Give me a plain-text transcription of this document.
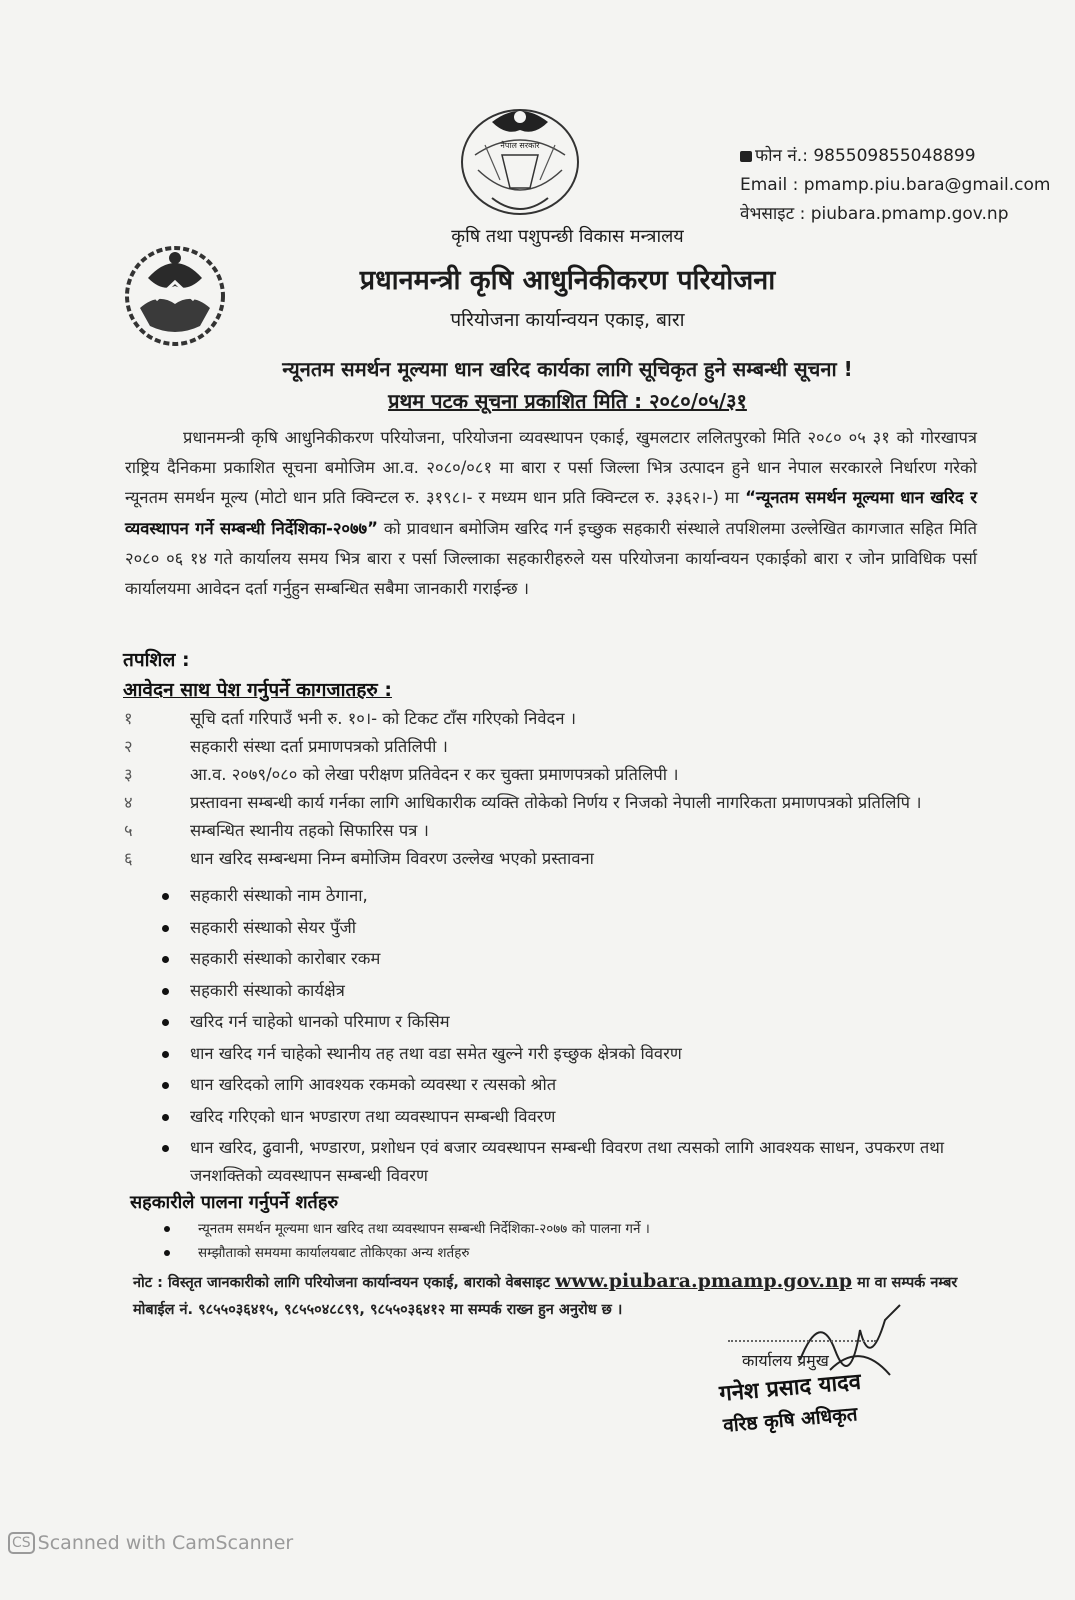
नेपाल सरकार
फोन नं.: 985509855048899
Email : pmamp.piu.bara@gmail.com
वेभसाइट : piubara.pmamp.gov.np
कृषि तथा पशुपन्छी विकास मन्त्रालय
प्रधानमन्त्री कृषि आधुनिकीकरण परियोजना
परियोजना कार्यान्वयन एकाइ, बारा
न्यूनतम समर्थन मूल्यमा धान खरिद कार्यका लागि सूचिकृत हुने सम्बन्धी सूचना !
प्रथम पटक सूचना प्रकाशित मिति : २०८०/०५/३१
प्रधानमन्त्री कृषि आधुनिकीकरण परियोजना, परियोजना व्यवस्थापन एकाई, खुमलटार ललितपुरको मिति २०८० ०५ ३१ को गोरखापत्र राष्ट्रिय दैनिकमा प्रकाशित सूचना बमोजिम आ.व. २०८०/०८१ मा बारा र पर्सा जिल्ला भित्र उत्पादन हुने धान नेपाल सरकारले निर्धारण गरेको न्यूनतम समर्थन मूल्य (मोटो धान प्रति क्विन्टल रु. ३१९८।- र मध्यम धान प्रति क्विन्टल रु. ३३६२।-) मा “न्यूनतम समर्थन मूल्यमा धान खरिद र व्यवस्थापन गर्ने सम्बन्धी निर्देशिका-२०७७” को प्रावधान बमोजिम खरिद गर्न इच्छुक सहकारी संस्थाले तपशिलमा उल्लेखित कागजात सहित मिति २०८० ०६ १४ गते कार्यालय समय भित्र बारा र पर्सा जिल्लाका सहकारीहरुले यस परियोजना कार्यान्वयन एकाईको बारा र जोन प्राविधिक पर्सा कार्यालयमा आवेदन दर्ता गर्नुहुन सम्बन्धित सबैमा जानकारी गराईन्छ ।
तपशिल :
आवेदन साथ पेश गर्नुपर्ने कागजातहरु :
१	सूचि दर्ता गरिपाउँ भनी रु. १०।- को टिकट टाँस गरिएको निवेदन ।
२	सहकारी संस्था दर्ता प्रमाणपत्रको प्रतिलिपी ।
३	आ.व. २०७९/०८० को लेखा परीक्षण प्रतिवेदन र कर चुक्ता प्रमाणपत्रको प्रतिलिपी ।
४	प्रस्तावना सम्बन्धी कार्य गर्नका लागि आधिकारीक व्यक्ति तोकेको निर्णय र निजको नेपाली नागरिकता प्रमाणपत्रको प्रतिलिपि ।
५	सम्बन्धित स्थानीय तहको सिफारिस पत्र ।
६	धान खरिद सम्बन्धमा निम्न बमोजिम विवरण उल्लेख भएको प्रस्तावना
सहकारी संस्थाको नाम ठेगाना,
सहकारी संस्थाको सेयर पुँजी
सहकारी संस्थाको कारोबार रकम
सहकारी संस्थाको कार्यक्षेत्र
खरिद गर्न चाहेको धानको परिमाण र किसिम
धान खरिद गर्न चाहेको स्थानीय तह तथा वडा समेत खुल्ने गरी इच्छुक क्षेत्रको विवरण
धान खरिदको लागि आवश्यक रकमको व्यवस्था र त्यसको श्रोत
खरिद गरिएको धान भण्डारण तथा व्यवस्थापन सम्बन्धी विवरण
धान खरिद, ढुवानी, भण्डारण, प्रशोधन एवं बजार व्यवस्थापन सम्बन्धी विवरण तथा त्यसको लागि आवश्यक साधन, उपकरण तथा जनशक्तिको व्यवस्थापन सम्बन्धी विवरण
सहकारीले पालना गर्नुपर्ने शर्तहरु
न्यूनतम समर्थन मूल्यमा धान खरिद तथा व्यवस्थापन सम्बन्धी निर्देशिका-२०७७ को पालना गर्ने ।
सम्झौताको समयमा कार्यालयबाट तोकिएका अन्य शर्तहरु
नोट : विस्तृत जानकारीको लागि परियोजना कार्यान्वयन एकाई, बाराको वेबसाइट www.piubara.pmamp.gov.np मा वा सम्पर्क नम्बर मोबाईल नं. ९८५५०३६४१५, ९८५५०४८८९९, ९८५५०३६४१२ मा सम्पर्क राख्न हुन अनुरोध छ ।
कार्यालय प्रमुख
गनेश प्रसाद यादव
वरिष्ठ कृषि अधिकृत
CS Scanned with CamScanner
